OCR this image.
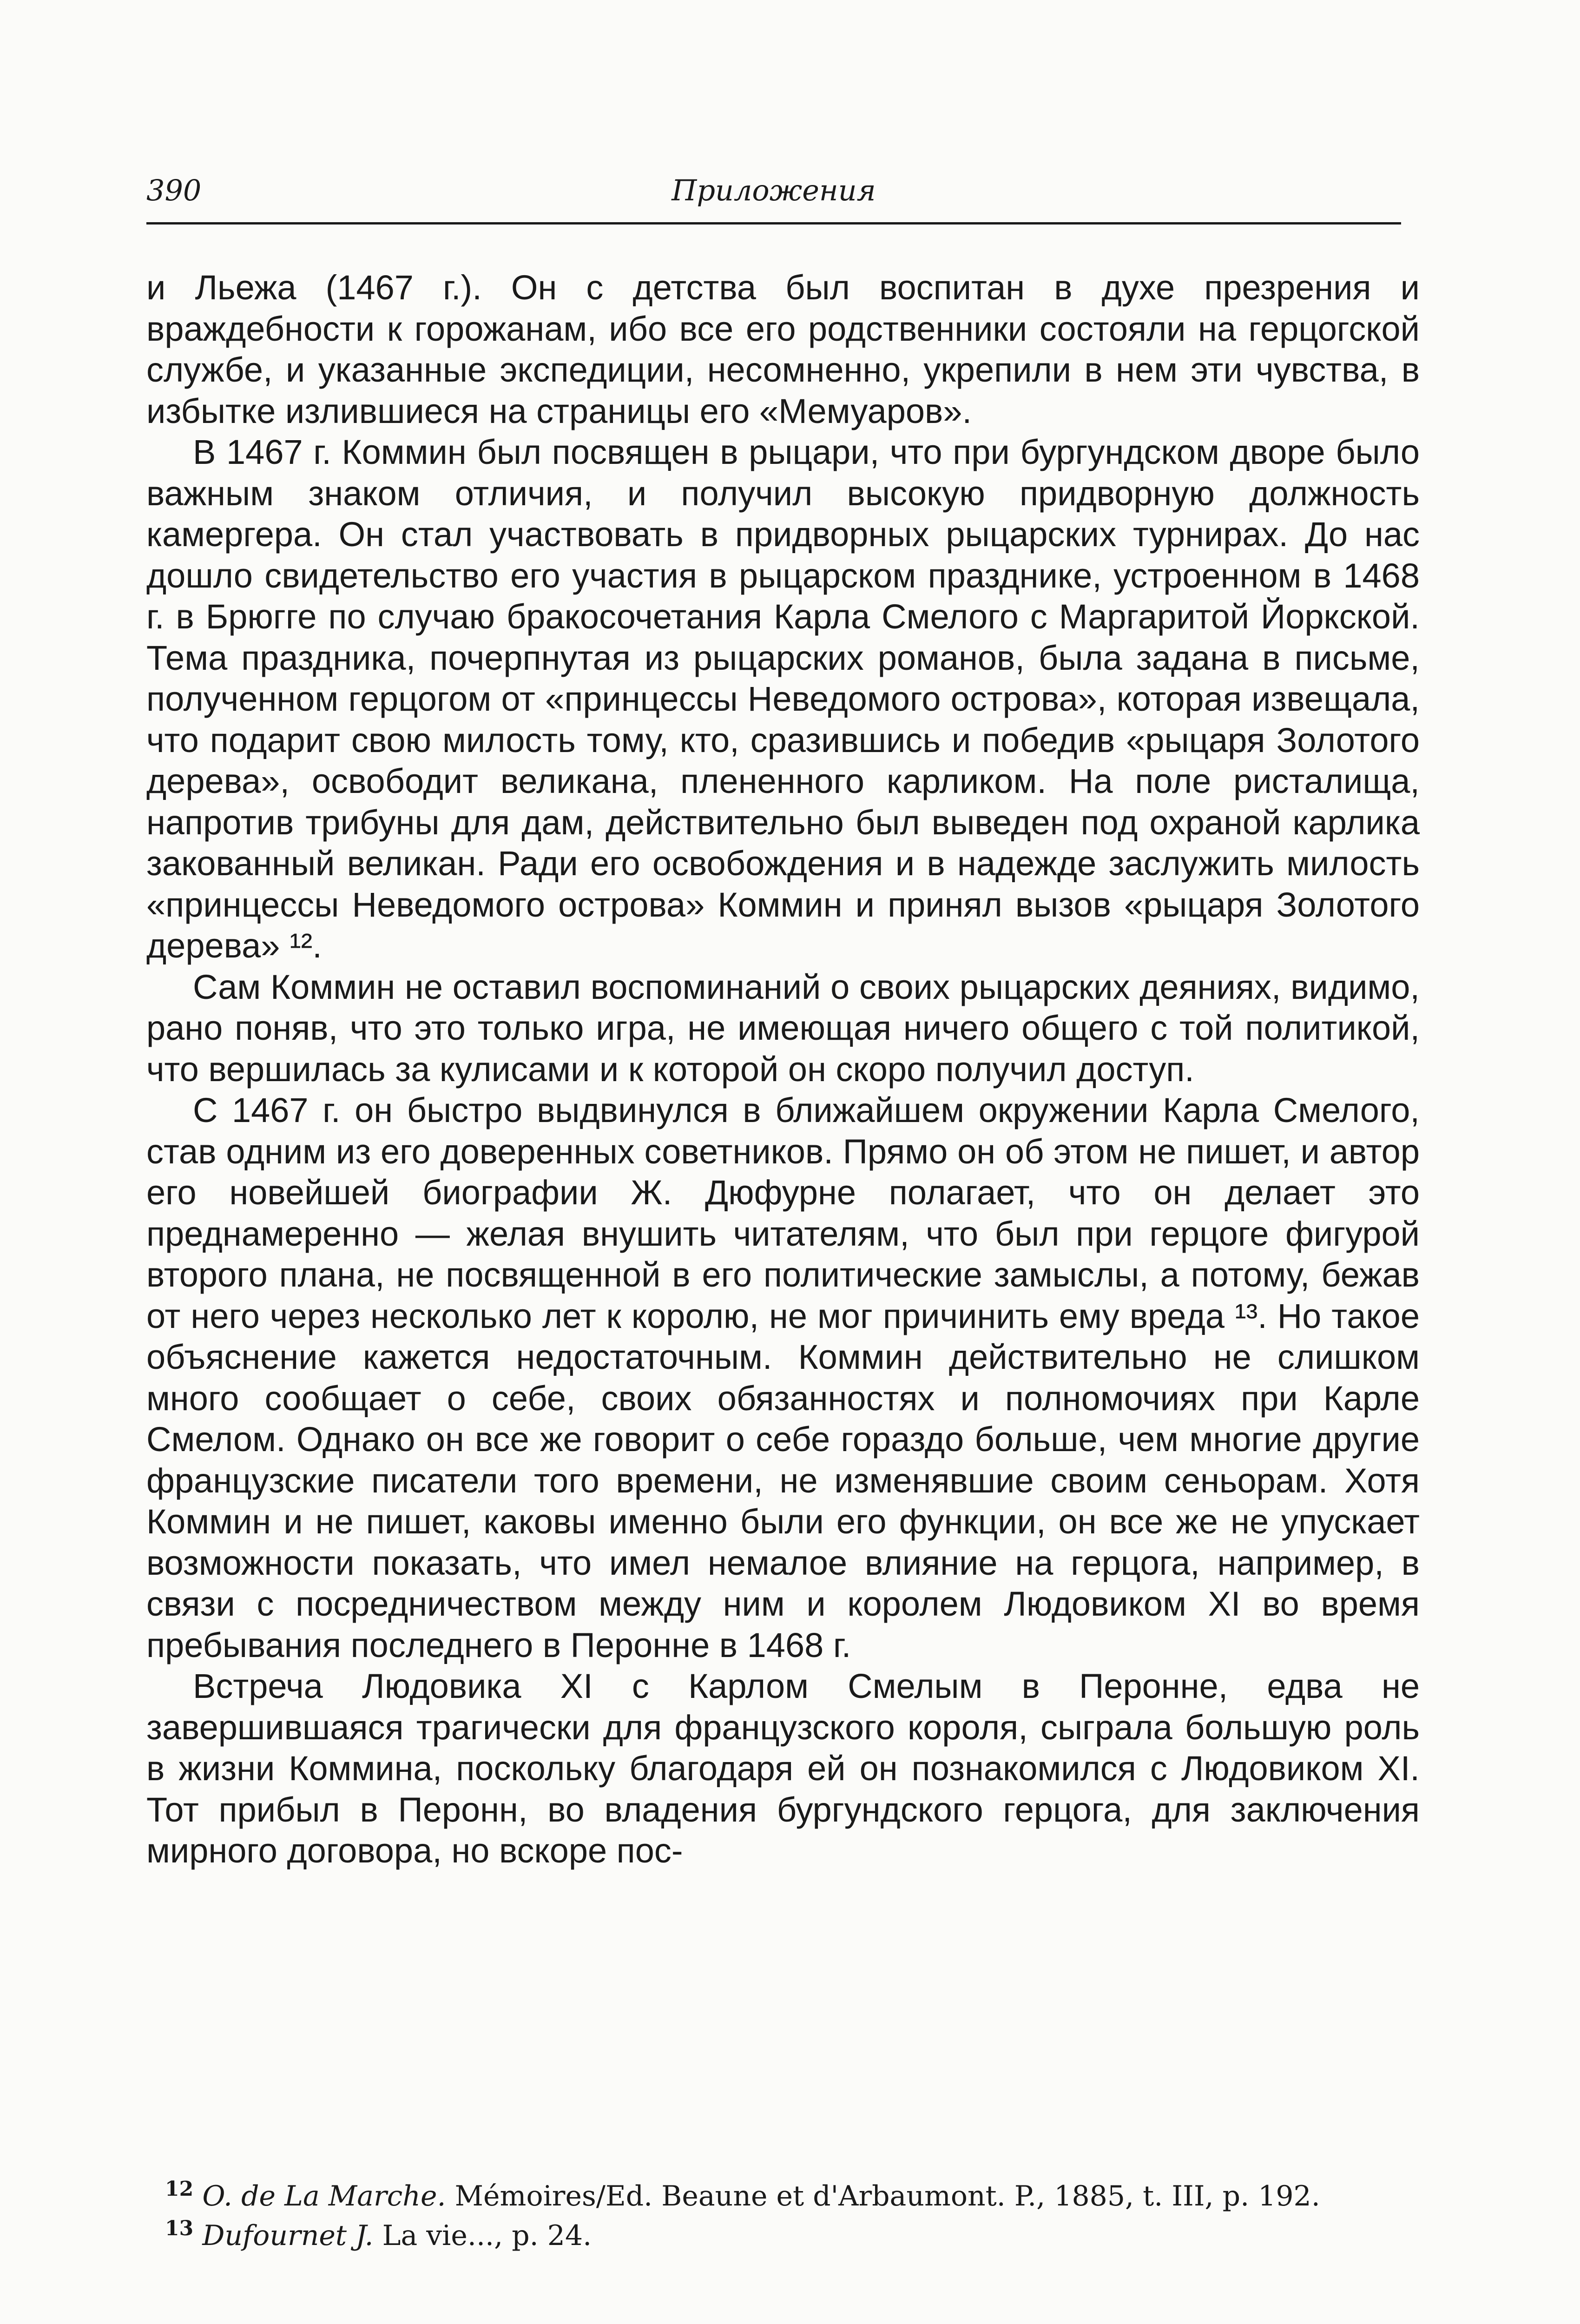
390	Приложения

и Льежа (1467 г.). Он с детства был воспитан в духе презрения и враждебности к горожанам, ибо все его родственники состояли на герцогской службе, и указанные экспедиции, несомненно, укрепили в нем эти чувства, в избытке излившиеся на страницы его «Мемуаров».

В 1467 г. Коммин был посвящен в рыцари, что при бургундском дворе было важным знаком отличия, и получил высокую придворную должность камергера. Он стал участвовать в придворных рыцарских турнирах. До нас дошло свидетельство его участия в рыцарском празднике, устроенном в 1468 г. в Брюгге по случаю бракосочетания Карла Смелого с Маргаритой Йоркской. Тема праздника, почерпнутая из рыцарских романов, была задана в письме, полученном герцогом от «принцессы Неведомого острова», которая извещала, что подарит свою милость тому, кто, сразившись и победив «рыцаря Золотого дерева», освободит великана, плененного карликом. На поле ристалища, напротив трибуны для дам, действительно был выведен под охраной карлика закованный великан. Ради его освобождения и в надежде заслужить милость «принцессы Неведомого острова» Коммин и принял вызов «рыцаря Золотого дерева» ¹².

Сам Коммин не оставил воспоминаний о своих рыцарских деяниях, видимо, рано поняв, что это только игра, не имеющая ничего общего с той политикой, что вершилась за кулисами и к которой он скоро получил доступ.

С 1467 г. он быстро выдвинулся в ближайшем окружении Карла Смелого, став одним из его доверенных советников. Прямо он об этом не пишет, и автор его новейшей биографии Ж. Дюфурне полагает, что он делает это преднамеренно — желая внушить читателям, что был при герцоге фигурой второго плана, не посвященной в его политические замыслы, а потому, бежав от него через несколько лет к королю, не мог причинить ему вреда ¹³. Но такое объяснение кажется недостаточным. Коммин действительно не слишком много сообщает о себе, своих обязанностях и полномочиях при Карле Смелом. Однако он все же говорит о себе гораздо больше, чем многие другие французские писатели того времени, не изменявшие своим сеньорам. Хотя Коммин и не пишет, каковы именно были его функции, он все же не упускает возможности показать, что имел немалое влияние на герцога, например, в связи с посредничеством между ним и королем Людовиком XI во время пребывания последнего в Перонне в 1468 г.

Встреча Людовика XI с Карлом Смелым в Перонне, едва не завершившаяся трагически для французского короля, сыграла большую роль в жизни Коммина, поскольку благодаря ей он познакомился с Людовиком XI. Тот прибыл в Перонн, во владения бургундского герцога, для заключения мирного договора, но вскоре пос-

$^{12}$ O. de La Marche. Mémoires/Ed. Beaune et d'Arbaumont. P., 1885, t. III, p. 192.

$^{13}$ Dufournet J. La vie..., p. 24.
